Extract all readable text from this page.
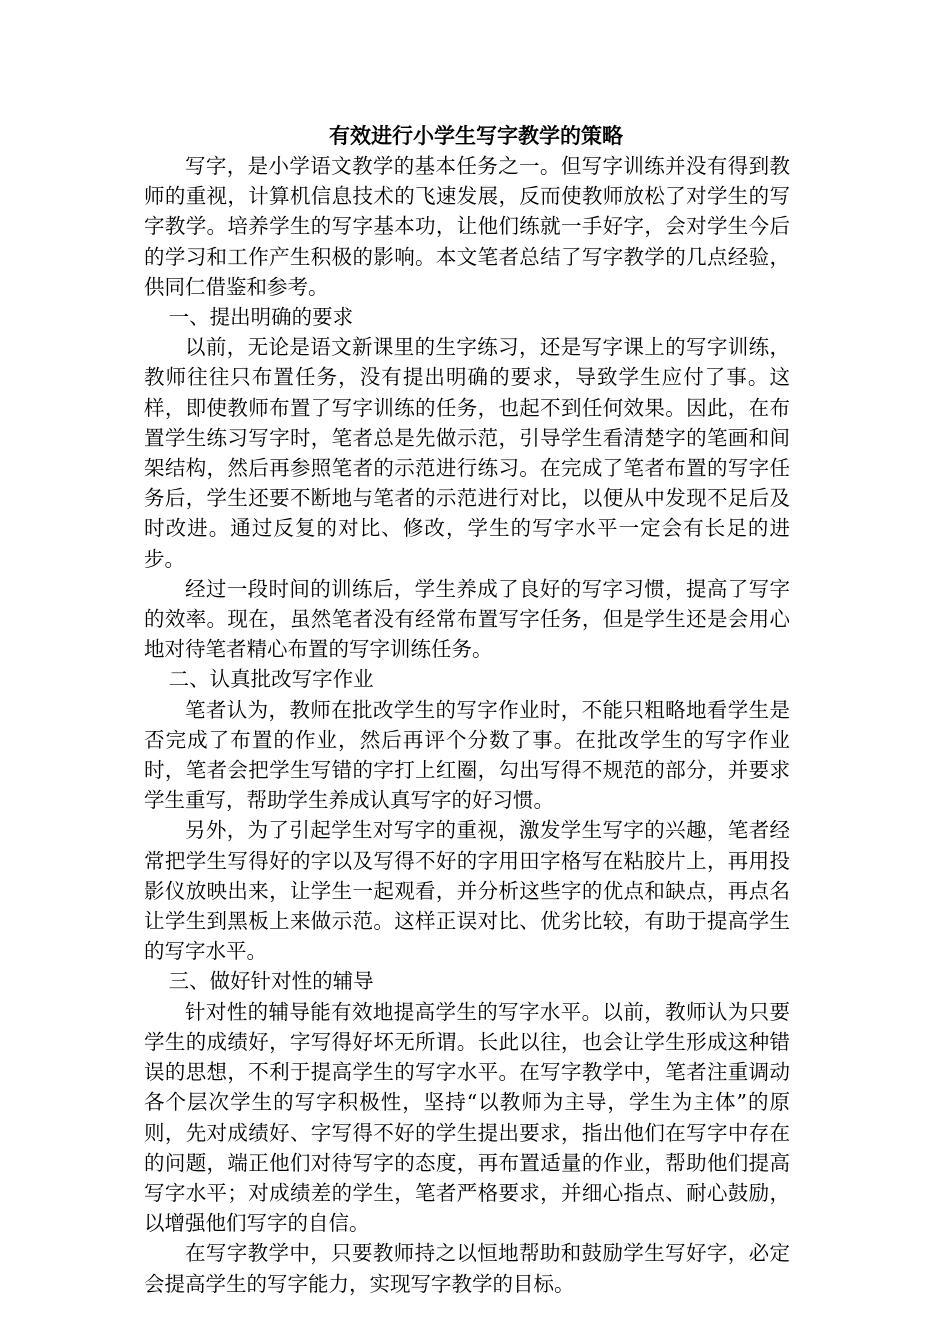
有效进行小学生写字教学的策略

写字，是小学语文教学的基本任务之一。但写字训练并没有得到教师的重视，计算机信息技术的飞速发展，反而使教师放松了对学生的写字教学。培养学生的写字基本功，让他们练就一手好字，会对学生今后的学习和工作产生积极的影响。本文笔者总结了写字教学的几点经验，供同仁借鉴和参考。

一、提出明确的要求

以前，无论是语文新课里的生字练习，还是写字课上的写字训练，教师往往只布置任务，没有提出明确的要求，导致学生应付了事。这样，即使教师布置了写字训练的任务，也起不到任何效果。因此，在布置学生练习写字时，笔者总是先做示范，引导学生看清楚字的笔画和间架结构，然后再参照笔者的示范进行练习。在完成了笔者布置的写字任务后，学生还要不断地与笔者的示范进行对比，以便从中发现不足后及时改进。通过反复的对比、修改，学生的写字水平一定会有长足的进步。

经过一段时间的训练后，学生养成了良好的写字习惯，提高了写字的效率。现在，虽然笔者没有经常布置写字任务，但是学生还是会用心地对待笔者精心布置的写字训练任务。

二、认真批改写字作业

笔者认为，教师在批改学生的写字作业时，不能只粗略地看学生是否完成了布置的作业，然后再评个分数了事。在批改学生的写字作业时，笔者会把学生写错的字打上红圈，勾出写得不规范的部分，并要求学生重写，帮助学生养成认真写字的好习惯。

另外，为了引起学生对写字的重视，激发学生写字的兴趣，笔者经常把学生写得好的字以及写得不好的字用田字格写在粘胶片上，再用投影仪放映出来，让学生一起观看，并分析这些字的优点和缺点，再点名让学生到黑板上来做示范。这样正误对比、优劣比较，有助于提高学生的写字水平。

三、做好针对性的辅导

针对性的辅导能有效地提高学生的写字水平。以前，教师认为只要学生的成绩好，字写得好坏无所谓。长此以往，也会让学生形成这种错误的思想，不利于提高学生的写字水平。在写字教学中，笔者注重调动各个层次学生的写字积极性，坚持“以教师为主导，学生为主体”的原则，先对成绩好、字写得不好的学生提出要求，指出他们在写字中存在的问题，端正他们对待写字的态度，再布置适量的作业，帮助他们提高写字水平；对成绩差的学生，笔者严格要求，并细心指点、耐心鼓励，以增强他们写字的自信。

在写字教学中，只要教师持之以恒地帮助和鼓励学生写好字，必定会提高学生的写字能力，实现写字教学的目标。
